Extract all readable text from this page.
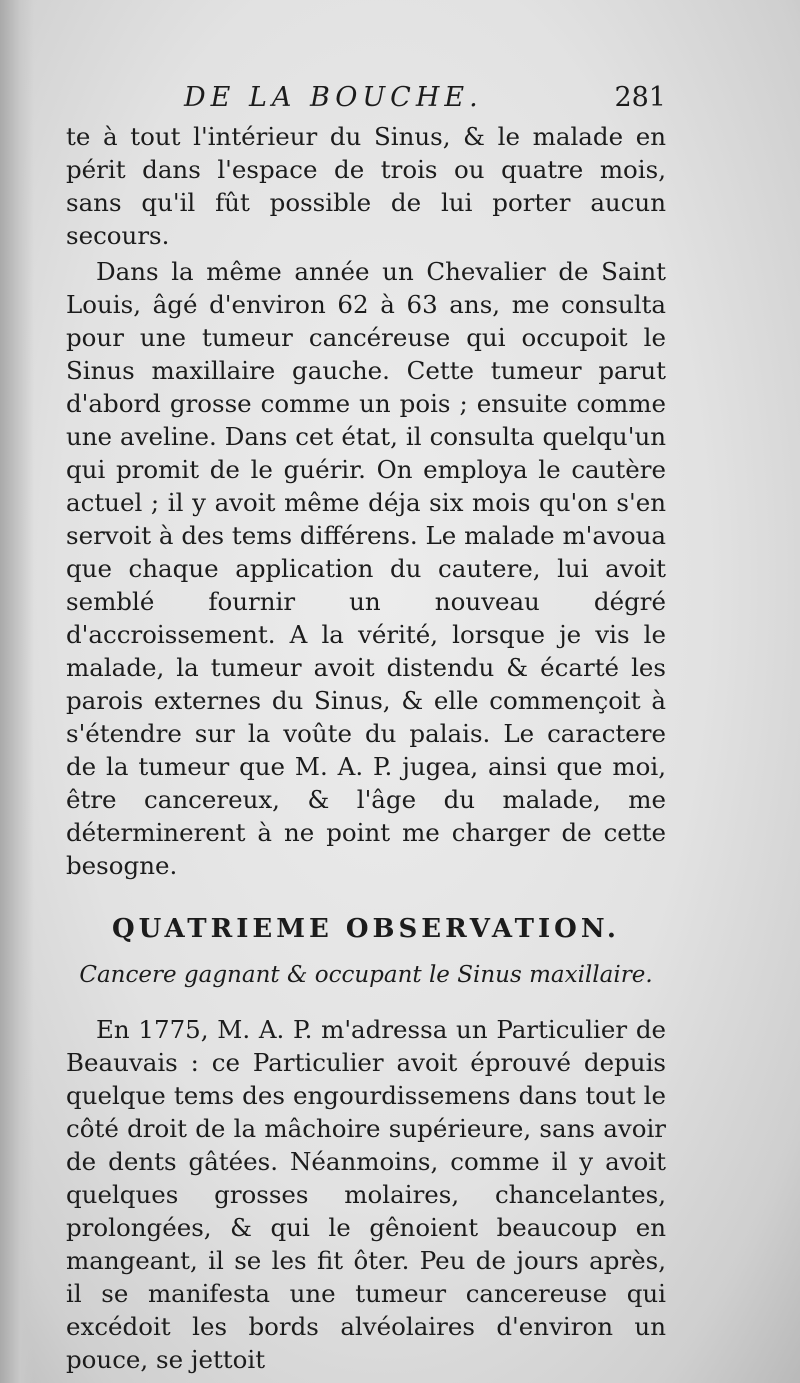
DE LA BOUCHE.	281

te à tout l'intérieur du Sinus, & le malade en périt dans l'espace de trois ou quatre mois, sans qu'il fût possible de lui porter aucun secours.

Dans la même année un Chevalier de Saint Louis, âgé d'environ 62 à 63 ans, me consulta pour une tumeur cancéreuse qui occupoit le Sinus maxillaire gauche. Cette tumeur parut d'abord grosse comme un pois ; ensuite comme une aveline. Dans cet état, il consulta quelqu'un qui promit de le guérir. On employa le cautère actuel ; il y avoit même déja six mois qu'on s'en servoit à des tems différens. Le malade m'avoua que chaque application du cautere, lui avoit semblé fournir un nouveau dégré d'accroissement. A la vérité, lorsque je vis le malade, la tumeur avoit distendu & écarté les parois externes du Sinus, & elle commençoit à s'étendre sur la voûte du palais. Le caractere de la tumeur que M. A. P. jugea, ainsi que moi, être cancereux, & l'âge du malade, me déterminerent à ne point me charger de cette besogne.

QUATRIEME OBSERVATION.

Cancere gagnant & occupant le Sinus maxillaire.

En 1775, M. A. P. m'adressa un Particulier de Beauvais : ce Particulier avoit éprouvé depuis quelque tems des engourdissemens dans tout le côté droit de la mâchoire supérieure, sans avoir de dents gâtées. Néanmoins, comme il y avoit quelques grosses molaires, chancelantes, prolongées, & qui le gênoient beaucoup en mangeant, il se les fit ôter. Peu de jours après, il se manifesta une tumeur cancereuse qui excédoit les bords alvéolaires d'environ un pouce, se jettoit
